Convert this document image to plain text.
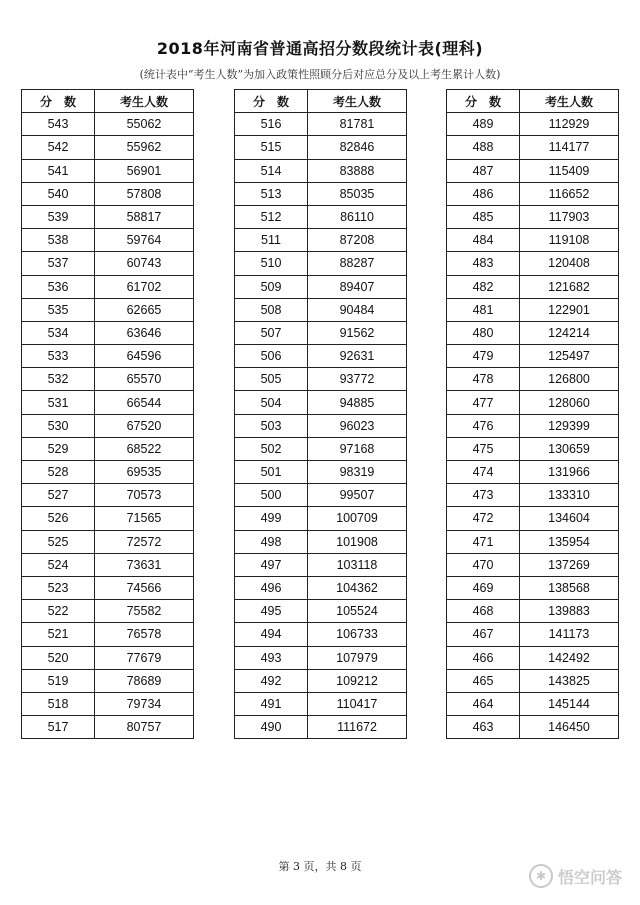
2018年河南省普通高招分数段统计表(理科)
(统计表中“考生人数”为加入政策性照顾分后对应总分及以上考生累计人数)
分　数	考生人数
543	55062
542	55962
541	56901
540	57808
539	58817
538	59764
537	60743
536	61702
535	62665
534	63646
533	64596
532	65570
531	66544
530	67520
529	68522
528	69535
527	70573
526	71565
525	72572
524	73631
523	74566
522	75582
521	76578
520	77679
519	78689
518	79734
517	80757
分　数	考生人数
516	81781
515	82846
514	83888
513	85035
512	86110
511	87208
510	88287
509	89407
508	90484
507	91562
506	92631
505	93772
504	94885
503	96023
502	97168
501	98319
500	99507
499	100709
498	101908
497	103118
496	104362
495	105524
494	106733
493	107979
492	109212
491	110417
490	111672
分　数	考生人数
489	112929
488	114177
487	115409
486	116652
485	117903
484	119108
483	120408
482	121682
481	122901
480	124214
479	125497
478	126800
477	128060
476	129399
475	130659
474	131966
473	133310
472	134604
471	135954
470	137269
469	138568
468	139883
467	141173
466	142492
465	143825
464	145144
463	146450
第 3 页，共 8 页
✱ 悟空问答
